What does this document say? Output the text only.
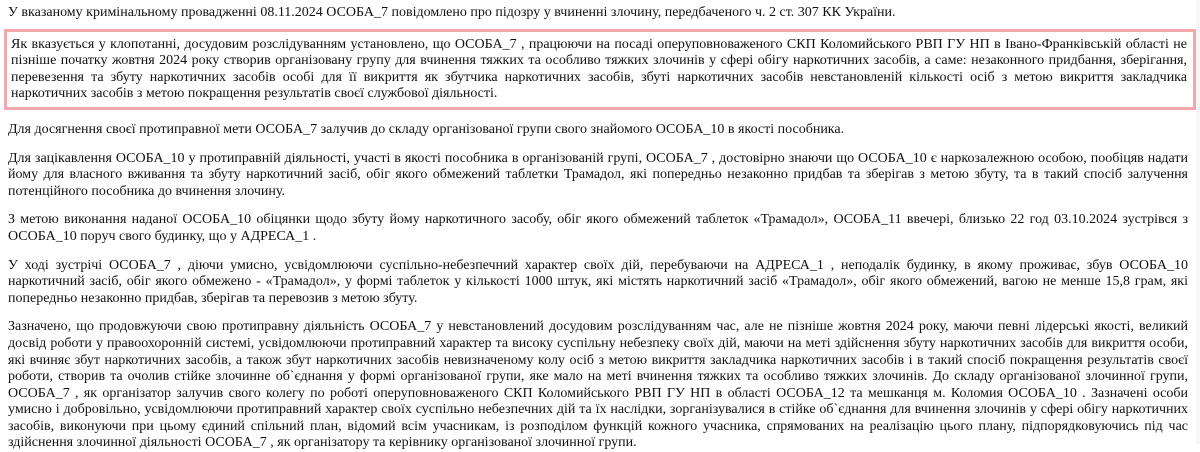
У вказаному кримінальному провадженні 08.11.2024 ОСОБА_7 повідомлено про підозру у вчиненні злочину, передбаченого ч. 2 ст. 307 КК України.

Як вказується у клопотанні, досудовим розслідуванням установлено, що ОСОБА_7 , працюючи на посаді оперуповноваженого СКП Коломийського РВП ГУ НП в Івано-Франківській області не пізніше початку жовтня 2024 року створив організовану групу для вчинення тяжких та особливо тяжких злочинів у сфері обігу наркотичних засобів, а саме: незаконного придбання, зберігання, перевезення та збуту наркотичних засобів особі для її викриття як збутчика наркотичних засобів, збуті наркотичних засобів невстановленій кількості осіб з метою викриття закладчика наркотичних засобів з метою покращення результатів своєї службової діяльності.

Для досягнення своєї протиправної мети ОСОБА_7 залучив до складу організованої групи свого знайомого ОСОБА_10 в якості пособника.

Для зацікавлення ОСОБА_10 у протиправній діяльності, участі в якості пособника в організованій групі, ОСОБА_7 , достовірно знаючи що ОСОБА_10 є наркозалежною особою, пообіцяв надати йому для власного вживання та збуту наркотичний засіб, обіг якого обмежений таблетки Трамадол, які попередньо незаконно придбав та зберігав з метою збуту, та в такий спосіб залучення потенційного пособника до вчинення злочину.

З метою виконання наданої ОСОБА_10 обіцянки щодо збуту йому наркотичного засобу, обіг якого обмежений таблеток «Трамадол», ОСОБА_11 ввечері, близько 22 год 03.10.2024 зустрівся з ОСОБА_10 поруч свого будинку, що у АДРЕСА_1 .

У ході зустрічі ОСОБА_7 , діючи умисно, усвідомлюючи суспільно-небезпечний характер своїх дій, перебуваючи на АДРЕСА_1 , неподалік будинку, в якому проживає, збув ОСОБА_10 наркотичний засіб, обіг якого обмежено - «Трамадол», у формі таблеток у кількості 1000 штук, які містять наркотичний засіб «Трамадол», обіг якого обмежений, вагою не менше 15,8 грам, які попередньо незаконно придбав, зберігав та перевозив з метою збуту.

Зазначено, що продовжуючи свою протиправну діяльність ОСОБА_7 у невстановлений досудовим розслідуванням час, але не пізніше жовтня 2024 року, маючи певні лідерські якості, великий досвід роботи у правоохоронній системі, усвідомлюючи протиправний характер та високу суспільну небезпеку своїх дій, маючи на меті здійснення збуту наркотичних засобів для викриття особи, які вчиняє збут наркотичних засобів, а також збут наркотичних засобів невизначеному колу осіб з метою викриття закладчика наркотичних засобів і в такий спосіб покращення результатів своєї роботи, створив та очолив стійке злочинне об`єднання у формі організованої групи, яке мало на меті вчинення тяжких та особливо тяжких злочинів. До складу організованої злочинної групи, ОСОБА_7 , як організатор залучив свого колегу по роботі оперуповноваженого СКП Коломийського РВП ГУ НП в області ОСОБА_12 та мешканця м. Коломия ОСОБА_10 . Зазначені особи умисно і добровільно, усвідомлюючи протиправний характер своїх суспільно небезпечних дій та їх наслідки, зорганізувалися в стійке об`єднання для вчинення злочинів у сфері обігу наркотичних засобів, виконуючи при цьому єдиний спільний план, відомий всім учасникам, із розподілом функцій кожного учасника, спрямованих на реалізацію цього плану, підпорядковуючись під час здійснення злочинної діяльності ОСОБА_7 , як організатору та керівнику організованої злочинної групи.
